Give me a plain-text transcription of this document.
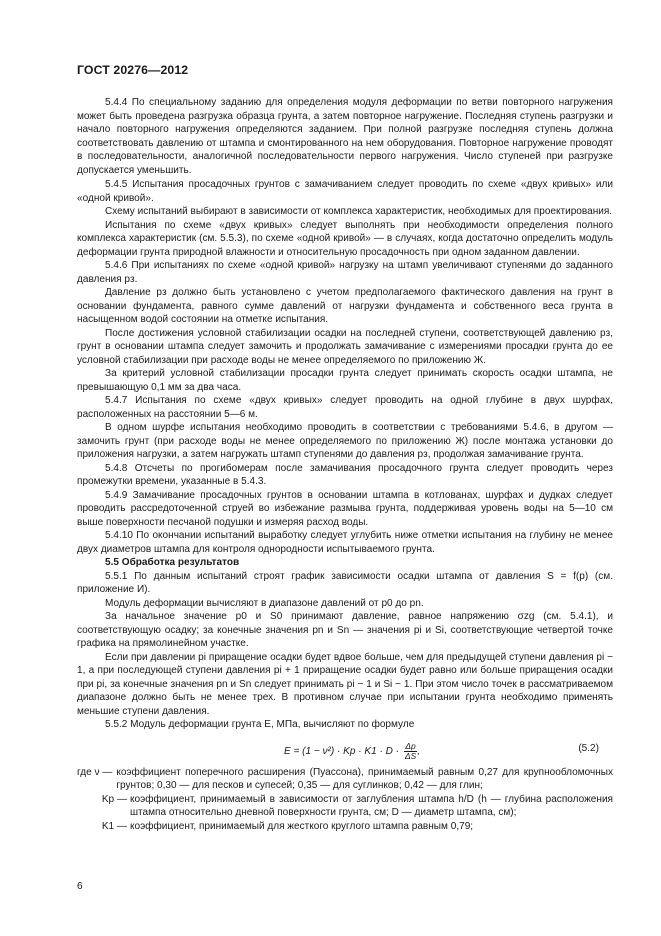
ГОСТ 20276—2012

5.4.4 По специальному заданию для определения модуля деформации по ветви повторного нагружения может быть проведена разгрузка образца грунта, а затем повторное нагружение. Последняя ступень разгрузки и начало повторного нагружения определяются заданием. При полной разгрузке последняя ступень должна соответствовать давлению от штампа и смонтированного на нем оборудования. Повторное нагружение проводят в последовательности, аналогичной последовательности первого нагружения. Число ступеней при разгрузке допускается уменьшить.

5.4.5 Испытания просадочных грунтов с замачиванием следует проводить по схеме «двух кривых» или «одной кривой».

Схему испытаний выбирают в зависимости от комплекса характеристик, необходимых для проектирования.

Испытания по схеме «двух кривых» следует выполнять при необходимости определения полного комплекса характеристик (см. 5.5.3), по схеме «одной кривой» — в случаях, когда достаточно определить модуль деформации грунта природной влажности и относительную просадочность при одном заданном давлении.

5.4.6 При испытаниях по схеме «одной кривой» нагрузку на штамп увеличивают ступенями до заданного давления pз.

Давление pз должно быть установлено с учетом предполагаемого фактического давления на грунт в основании фундамента, равного сумме давлений от нагрузки фундамента и собственного веса грунта в насыщенном водой состоянии на отметке испытания.

После достижения условной стабилизации осадки на последней ступени, соответствующей давлению pз, грунт в основании штампа следует замочить и продолжать замачивание с измерениями просадки грунта до ее условной стабилизации при расходе воды не менее определяемого по приложению Ж.

За критерий условной стабилизации просадки грунта следует принимать скорость осадки штампа, не превышающую 0,1 мм за два часа.

5.4.7 Испытания по схеме «двух кривых» следует проводить на одной глубине в двух шурфах, расположенных на расстоянии 5—6 м.

В одном шурфе испытания необходимо проводить в соответствии с требованиями 5.4.6, в другом — замочить грунт (при расходе воды не менее определяемого по приложению Ж) после монтажа установки до приложения нагрузки, а затем нагружать штамп ступенями до давления pз, продолжая замачивание грунта.

5.4.8 Отсчеты по прогибомерам после замачивания просадочного грунта следует проводить через промежутки времени, указанные в 5.4.3.

5.4.9 Замачивание просадочных грунтов в основании штампа в котлованах, шурфах и дудках следует проводить рассредоточенной струей во избежание размыва грунта, поддерживая уровень воды на 5—10 см выше поверхности песчаной подушки и измеряя расход воды.

5.4.10 По окончании испытаний выработку следует углубить ниже отметки испытания на глубину не менее двух диаметров штампа для контроля однородности испытываемого грунта.

5.5 Обработка результатов

5.5.1 По данным испытаний строят график зависимости осадки штампа от давления S = f(p) (см. приложение И).

Модуль деформации вычисляют в диапазоне давлений от p0 до pn.

За начальное значение p0 и S0 принимают давление, равное напряжению σzg (см. 5.4.1), и соответствующую осадку; за конечные значения pn и Sn — значения pi и Si, соответствующие четвертой точке графика на прямолинейном участке.

Если при давлении pi приращение осадки будет вдвое больше, чем для предыдущей ступени давления pi − 1, а при последующей ступени давления pi + 1 приращение осадки будет равно или больше приращения осадки при pi, за конечные значения pn и Sn следует принимать pi − 1 и Si − 1. При этом число точек в рассматриваемом диапазоне должно быть не менее трех. В противном случае при испытании грунта необходимо применять меньшие ступени давления.

5.5.2 Модуль деформации грунта E, МПа, вычисляют по формуле

$E = (1 - \nu^2) \cdot Kp \cdot K1 \cdot D \cdot \frac{\Delta p}{\Delta S}$ ,	(5.2)
где ν — коэффициент поперечного расширения (Пуассона), принимаемый равным 0,27 для крупнообломочных грунтов; 0,30 — для песков и супесей; 0,35 — для суглинков; 0,42 — для глин;
Kp — коэффициент, принимаемый в зависимости от заглубления штампа h/D (h — глубина расположения штампа относительно дневной поверхности грунта, см; D — диаметр штампа, см);
K1 — коэффициент, принимаемый для жесткого круглого штампа равным 0,79;
6
